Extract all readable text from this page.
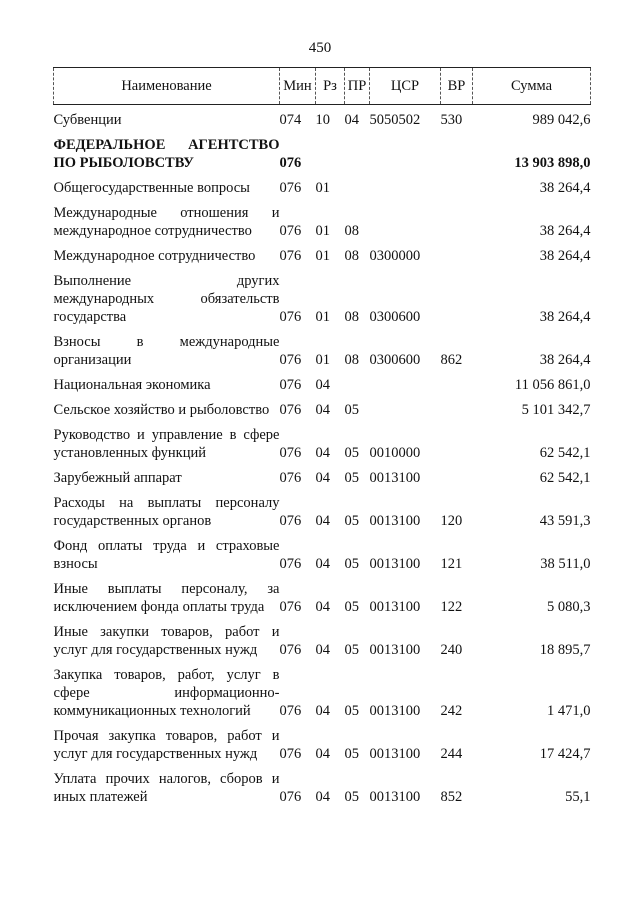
450
Наименование	Мин	Рз	ПР	ЦСР	ВР	Сумма
Субвенции	074	10	04	5050502	530	989 042,6
ФЕДЕРАЛЬНОЕ АГЕНТСТВО ПО РЫБОЛОВСТВУ	076					13 903 898,0
Общегосударственные вопросы	076	01				38 264,4
Международные отношения и международное сотрудничество	076	01	08			38 264,4
Международное сотрудничество	076	01	08	0300000		38 264,4
Выполнение других международных обязательств государства	076	01	08	0300600		38 264,4
Взносы в международные организации	076	01	08	0300600	862	38 264,4
Национальная экономика	076	04				11 056 861,0
Сельское хозяйство и рыболовство	076	04	05			5 101 342,7
Руководство и управление в сфере установленных функций	076	04	05	0010000		62 542,1
Зарубежный аппарат	076	04	05	0013100		62 542,1
Расходы на выплаты персоналу государственных органов	076	04	05	0013100	120	43 591,3
Фонд оплаты труда и страховые взносы	076	04	05	0013100	121	38 511,0
Иные выплаты персоналу, за исключением фонда оплаты труда	076	04	05	0013100	122	5 080,3
Иные закупки товаров, работ и услуг для государственных нужд	076	04	05	0013100	240	18 895,7
Закупка товаров, работ, услуг в сфере информационно-коммуникационных технологий	076	04	05	0013100	242	1 471,0
Прочая закупка товаров, работ и услуг для государственных нужд	076	04	05	0013100	244	17 424,7
Уплата прочих налогов, сборов и иных платежей	076	04	05	0013100	852	55,1
